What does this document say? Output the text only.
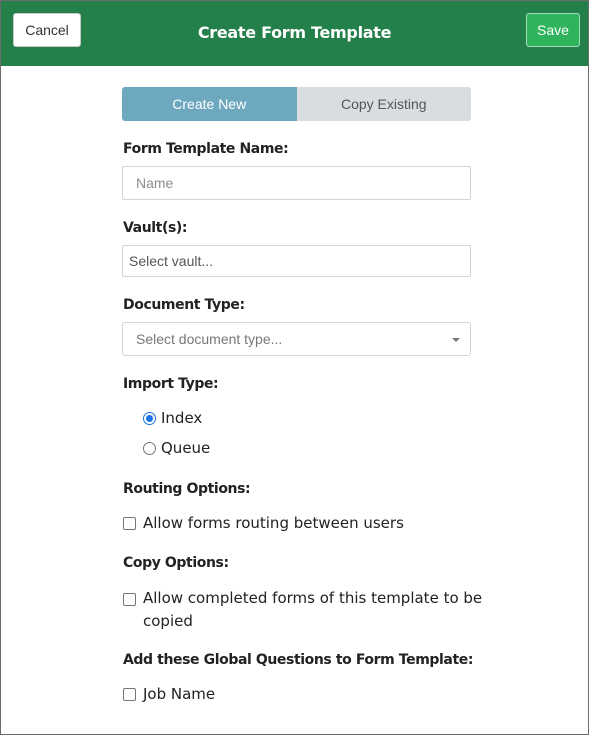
Cancel	Create Form Template	Save
Create New	Copy Existing
Form Template Name:
Name
Vault(s):
Select vault...
Document Type:
Select document type...
Import Type:
Index
Queue
Routing Options:
Allow forms routing between users
Copy Options:
Allow completed forms of this template to be copied
Add these Global Questions to Form Template:
Job Name
